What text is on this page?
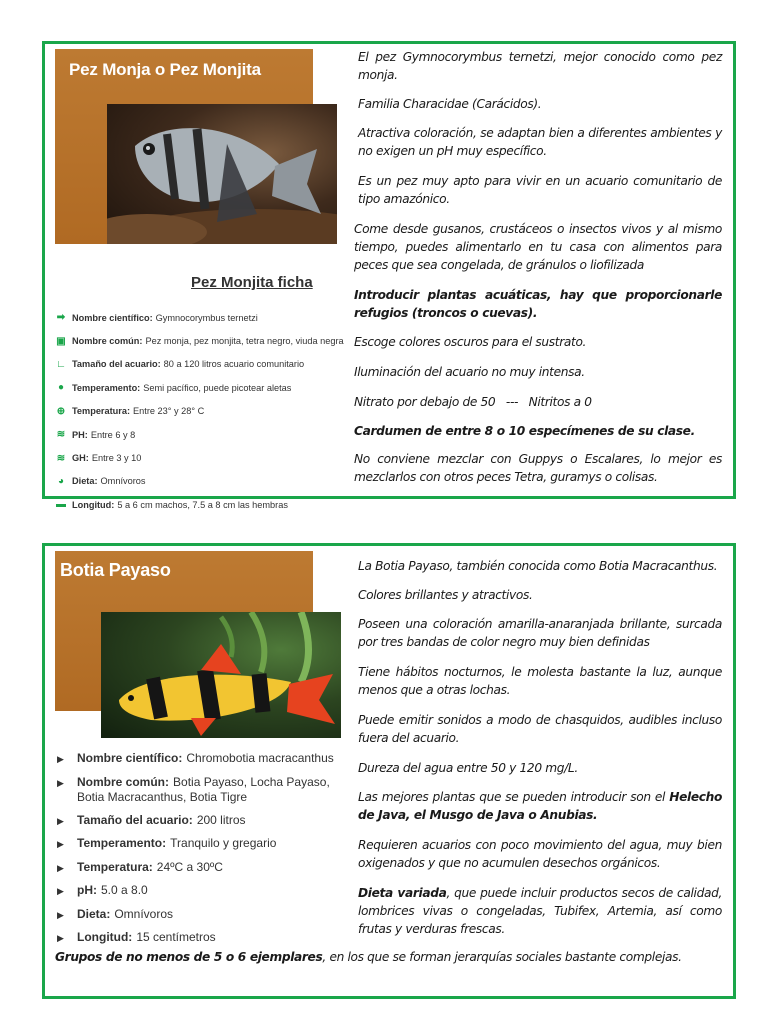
Pez Monja o Pez Monjita
Pez Monjita ficha
➡ Nombre científico: Gymnocorymbus ternetzi
▣ Nombre común: Pez monja, pez monjita, tetra negro, viuda negra
∟ Tamaño del acuario: 80 a 120 litros acuario comunitario
● Temperamento: Semi pacífico, puede picotear aletas
⊕ Temperatura: Entre 23° y 28° C
≋ PH: Entre 6 y 8
≋ GH: Entre 3 y 10
◕ Dieta: Omnívoros
▬ Longitud: 5 a 6 cm machos, 7.5 a 8 cm las hembras

El pez Gymnocorymbus ternetzi, mejor conocido como pez monja.

Familia Characidae (Carácidos).

Atractiva coloración, se adaptan bien a diferentes ambientes y no exigen un pH muy específico.

Es un pez muy apto para vivir en un acuario comunitario de tipo amazónico.

Come desde gusanos, crustáceos o insectos vivos y al mismo tiempo, puedes alimentarlo en tu casa con alimentos para peces que sea congelada, de gránulos o liofilizada

Introducir plantas acuáticas, hay que proporcionarle refugios (troncos o cuevas).

Escoge colores oscuros para el sustrato.

Iluminación del acuario no muy intensa.

Nitrato por debajo de 50   ---   Nitritos a 0

Cardumen de entre 8 o 10 especímenes de su clase.

No conviene mezclar con Guppys o Escalares, lo mejor es mezclarlos con otros peces Tetra, guramys o colisas.

Botia Payaso
▶	Nombre científico: Chromobotia macracanthus
▶	Nombre común: Botia Payaso, Locha Payaso, Botia Macracanthus, Botia Tigre
▶	Tamaño del acuario: 200 litros
▶	Temperamento: Tranquilo y gregario
▶	Temperatura: 24ºC a 30ºC
▶	pH: 5.0 a 8.0
▶	Dieta: Omnívoros
▶	Longitud: 15 centímetros

La Botia Payaso, también conocida como Botia Macracanthus.

Colores brillantes y atractivos.

Poseen una coloración amarilla-anaranjada brillante, surcada por tres bandas de color negro muy bien definidas

Tiene hábitos nocturnos, le molesta bastante la luz, aunque menos que a otras lochas.

Puede emitir sonidos a modo de chasquidos, audibles incluso fuera del acuario.

Dureza del agua entre 50 y 120 mg/L.

Las mejores plantas que se pueden introducir son el Helecho de Java, el Musgo de Java o Anubias.

Requieren acuarios con poco movimiento del agua, muy bien oxigenados y que no acumulen desechos orgánicos.

Dieta variada, que puede incluir productos secos de calidad, lombrices vivas o congeladas, Tubifex, Artemia, así como frutas y verduras frescas.

Grupos de no menos de 5 o 6 ejemplares, en los que se forman jerarquías sociales bastante complejas.
